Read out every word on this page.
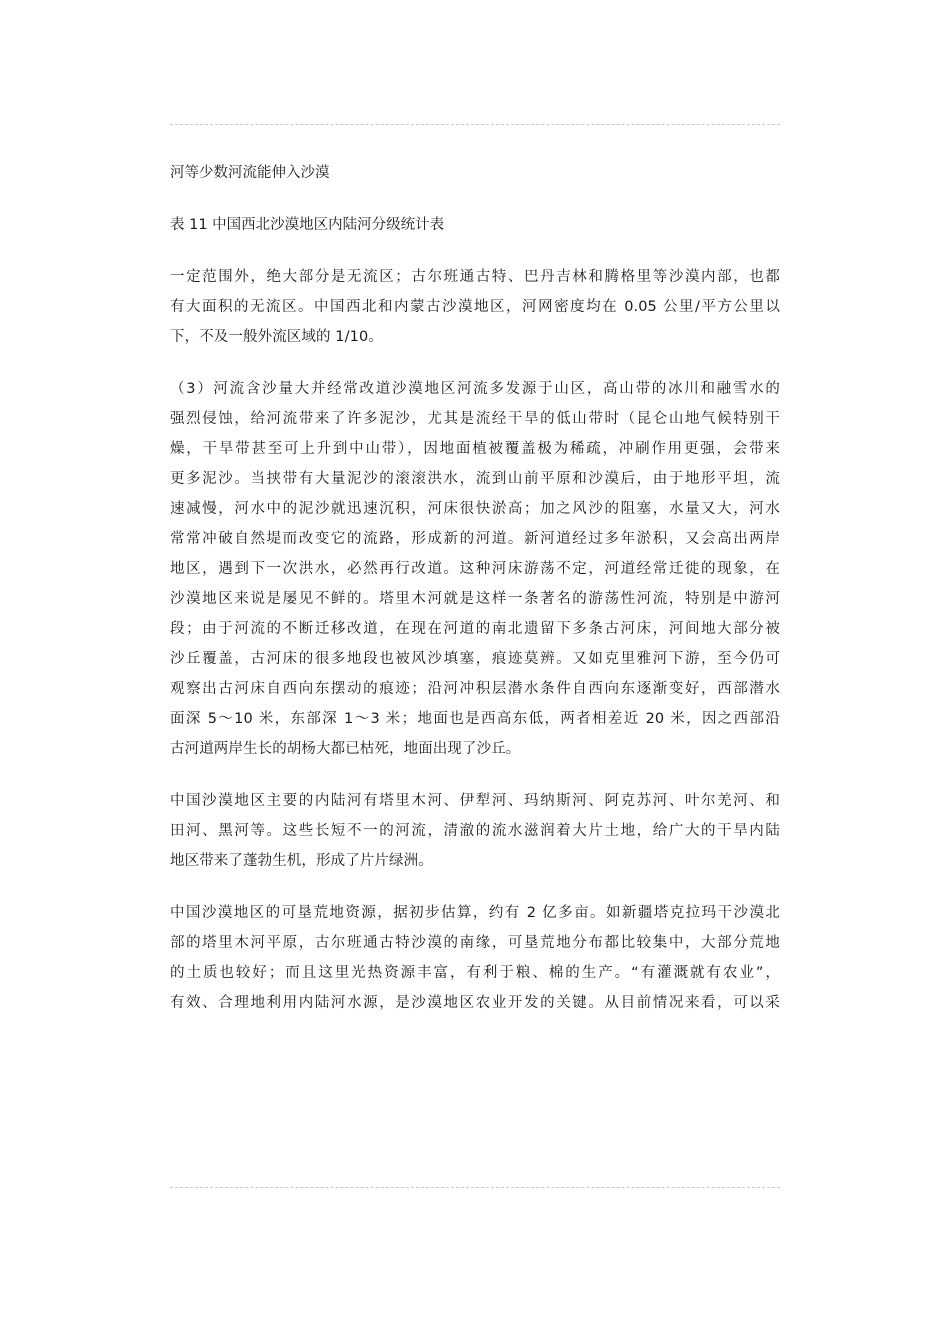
河等少数河流能伸入沙漠

表 11 中国西北沙漠地区内陆河分级统计表

一定范围外，绝大部分是无流区；古尔班通古特、巴丹吉林和腾格里等沙漠内部，也都
有大面积的无流区。中国西北和内蒙古沙漠地区，河网密度均在 0.05 公里/平方公里以
下，不及一般外流区域的 1/10。

（3）河流含沙量大并经常改道沙漠地区河流多发源于山区，高山带的冰川和融雪水的
强烈侵蚀，给河流带来了许多泥沙，尤其是流经干旱的低山带时（昆仑山地气候特别干
燥，干旱带甚至可上升到中山带），因地面植被覆盖极为稀疏，冲刷作用更强，会带来
更多泥沙。当挟带有大量泥沙的滚滚洪水，流到山前平原和沙漠后，由于地形平坦，流
速减慢，河水中的泥沙就迅速沉积，河床很快淤高；加之风沙的阻塞，水量又大，河水
常常冲破自然堤而改变它的流路，形成新的河道。新河道经过多年淤积，又会高出两岸
地区，遇到下一次洪水，必然再行改道。这种河床游荡不定，河道经常迁徙的现象，在
沙漠地区来说是屡见不鲜的。塔里木河就是这样一条著名的游荡性河流，特别是中游河
段；由于河流的不断迁移改道，在现在河道的南北遗留下多条古河床，河间地大部分被
沙丘覆盖，古河床的很多地段也被风沙填塞，痕迹莫辨。又如克里雅河下游，至今仍可
观察出古河床自西向东摆动的痕迹；沿河冲积层潜水条件自西向东逐渐变好，西部潜水
面深 5～10 米，东部深 1～3 米；地面也是西高东低，两者相差近 20 米，因之西部沿
古河道两岸生长的胡杨大都已枯死，地面出现了沙丘。

中国沙漠地区主要的内陆河有塔里木河、伊犁河、玛纳斯河、阿克苏河、叶尔羌河、和
田河、黑河等。这些长短不一的河流，清澈的流水滋润着大片土地，给广大的干旱内陆
地区带来了蓬勃生机，形成了片片绿洲。

中国沙漠地区的可垦荒地资源，据初步估算，约有 2 亿多亩。如新疆塔克拉玛干沙漠北
部的塔里木河平原，古尔班通古特沙漠的南缘，可垦荒地分布都比较集中，大部分荒地
的土质也较好；而且这里光热资源丰富，有利于粮、棉的生产。“有灌溉就有农业”，
有效、合理地利用内陆河水源，是沙漠地区农业开发的关键。从目前情况来看，可以采
